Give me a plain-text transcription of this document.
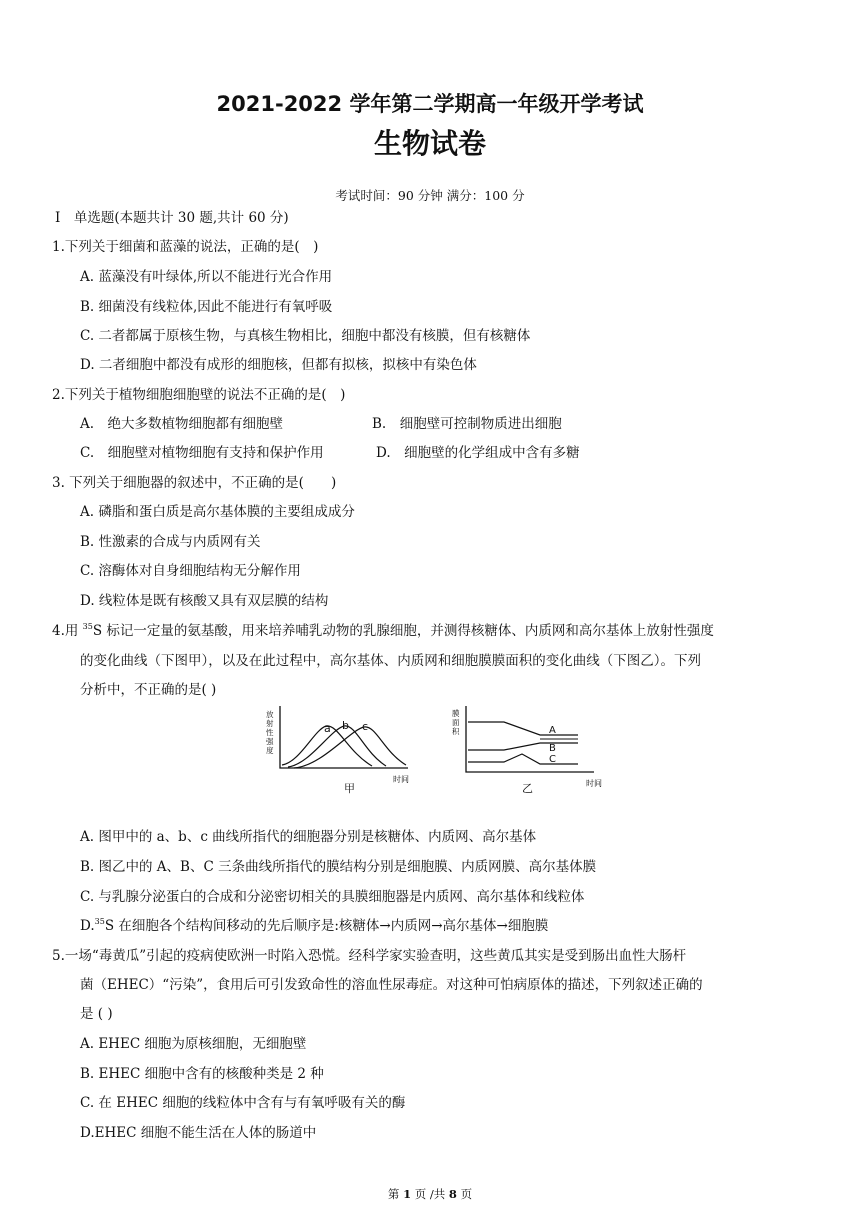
2021-2022 学年第二学期高一年级开学考试
生物试卷
考试时间：90 分钟 满分：100 分
Ⅰ　单选题(本题共计 30 题,共计 60 分)
1.下列关于细菌和蓝藻的说法，正确的是(　)
A. 蓝藻没有叶绿体,所以不能进行光合作用
B. 细菌没有线粒体,因此不能进行有氧呼吸
C. 二者都属于原核生物，与真核生物相比，细胞中都没有核膜，但有核糖体
D. 二者细胞中都没有成形的细胞核，但都有拟核，拟核中有染色体
2.下列关于植物细胞细胞壁的说法不正确的是(　)
A.　绝大多数植物细胞都有细胞壁	B.　细胞壁可控制物质进出细胞
C.　细胞壁对植物细胞有支持和保护作用	D.　细胞壁的化学组成中含有多糖
3. 下列关于细胞器的叙述中，不正确的是(　　)
A. 磷脂和蛋白质是高尔基体膜的主要组成成分
B. 性激素的合成与内质网有关
C. 溶酶体对自身细胞结构无分解作用
D. 线粒体是既有核酸又具有双层膜的结构
4.用 $^{35}$S 标记一定量的氨基酸，用来培养哺乳动物的乳腺细胞，并测得核糖体、内质网和高尔基体上放射性强度
的变化曲线（下图甲），以及在此过程中，高尔基体、内质网和细胞膜膜面积的变化曲线（下图乙）。下列
分析中，不正确的是( )
放
射
性
强
度
a b c
时间
甲
膜
面
积	A
B
C
时间
乙
A. 图甲中的 a、b、c 曲线所指代的细胞器分别是核糖体、内质网、高尔基体
B. 图乙中的 A、B、C 三条曲线所指代的膜结构分别是细胞膜、内质网膜、高尔基体膜
C. 与乳腺分泌蛋白的合成和分泌密切相关的具膜细胞器是内质网、高尔基体和线粒体
D.$^{35}$S 在细胞各个结构间移动的先后顺序是:核糖体→内质网→高尔基体→细胞膜
5.一场“毒黄瓜”引起的疫病使欧洲一时陷入恐慌。经科学家实验查明，这些黄瓜其实是受到肠出血性大肠杆
菌（EHEC）“污染”，食用后可引发致命性的溶血性尿毒症。对这种可怕病原体的描述，下列叙述正确的
是 ( )
A. EHEC 细胞为原核细胞，无细胞壁
B. EHEC 细胞中含有的核酸种类是 2 种
C. 在 EHEC 细胞的线粒体中含有与有氧呼吸有关的酶
D.EHEC 细胞不能生活在人体的肠道中
第 1 页 /共 8 页
